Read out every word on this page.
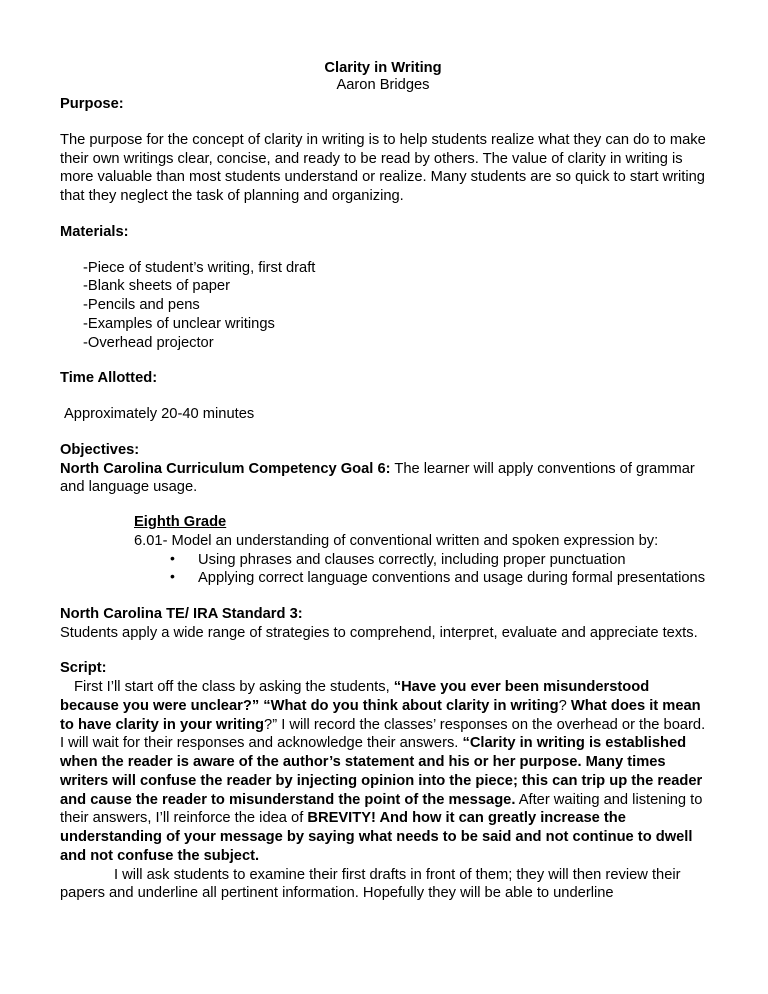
Clarity in Writing
Aaron Bridges
Purpose:
The purpose for the concept of clarity in writing is to help students realize what they can do to make their own writings clear, concise, and ready to be read by others. The value of clarity in writing is more valuable than most students understand or realize. Many students are so quick to start writing that they neglect the task of planning and organizing.
Materials:
-Piece of student’s writing, first draft
-Blank sheets of paper
-Pencils and pens
-Examples of unclear writings
-Overhead projector
Time Allotted:
Approximately 20-40 minutes
Objectives:
North Carolina Curriculum Competency Goal 6: The learner will apply conventions of grammar and language usage.
Eighth Grade
6.01- Model an understanding of conventional written and spoken expression by:
• Using phrases and clauses correctly, including proper punctuation
• Applying correct language conventions and usage during formal presentations
North Carolina TE/ IRA Standard 3:
Students apply a wide range of strategies to comprehend, interpret, evaluate and appreciate texts.
Script:
First I’ll start off the class by asking the students, “Have you ever been misunderstood because you were unclear?” “What do you think about clarity in writing? What does it mean to have clarity in your writing?” I will record the classes’ responses on the overhead or the board. I will wait for their responses and acknowledge their answers. “Clarity in writing is established when the reader is aware of the author’s statement and his or her purpose. Many times writers will confuse the reader by injecting opinion into the piece; this can trip up the reader and cause the reader to misunderstand the point of the message. After waiting and listening to their answers, I’ll reinforce the idea of BREVITY! And how it can greatly increase the understanding of your message by saying what needs to be said and not continue to dwell and not confuse the subject.
I will ask students to examine their first drafts in front of them; they will then review their papers and underline all pertinent information. Hopefully they will be able to underline
